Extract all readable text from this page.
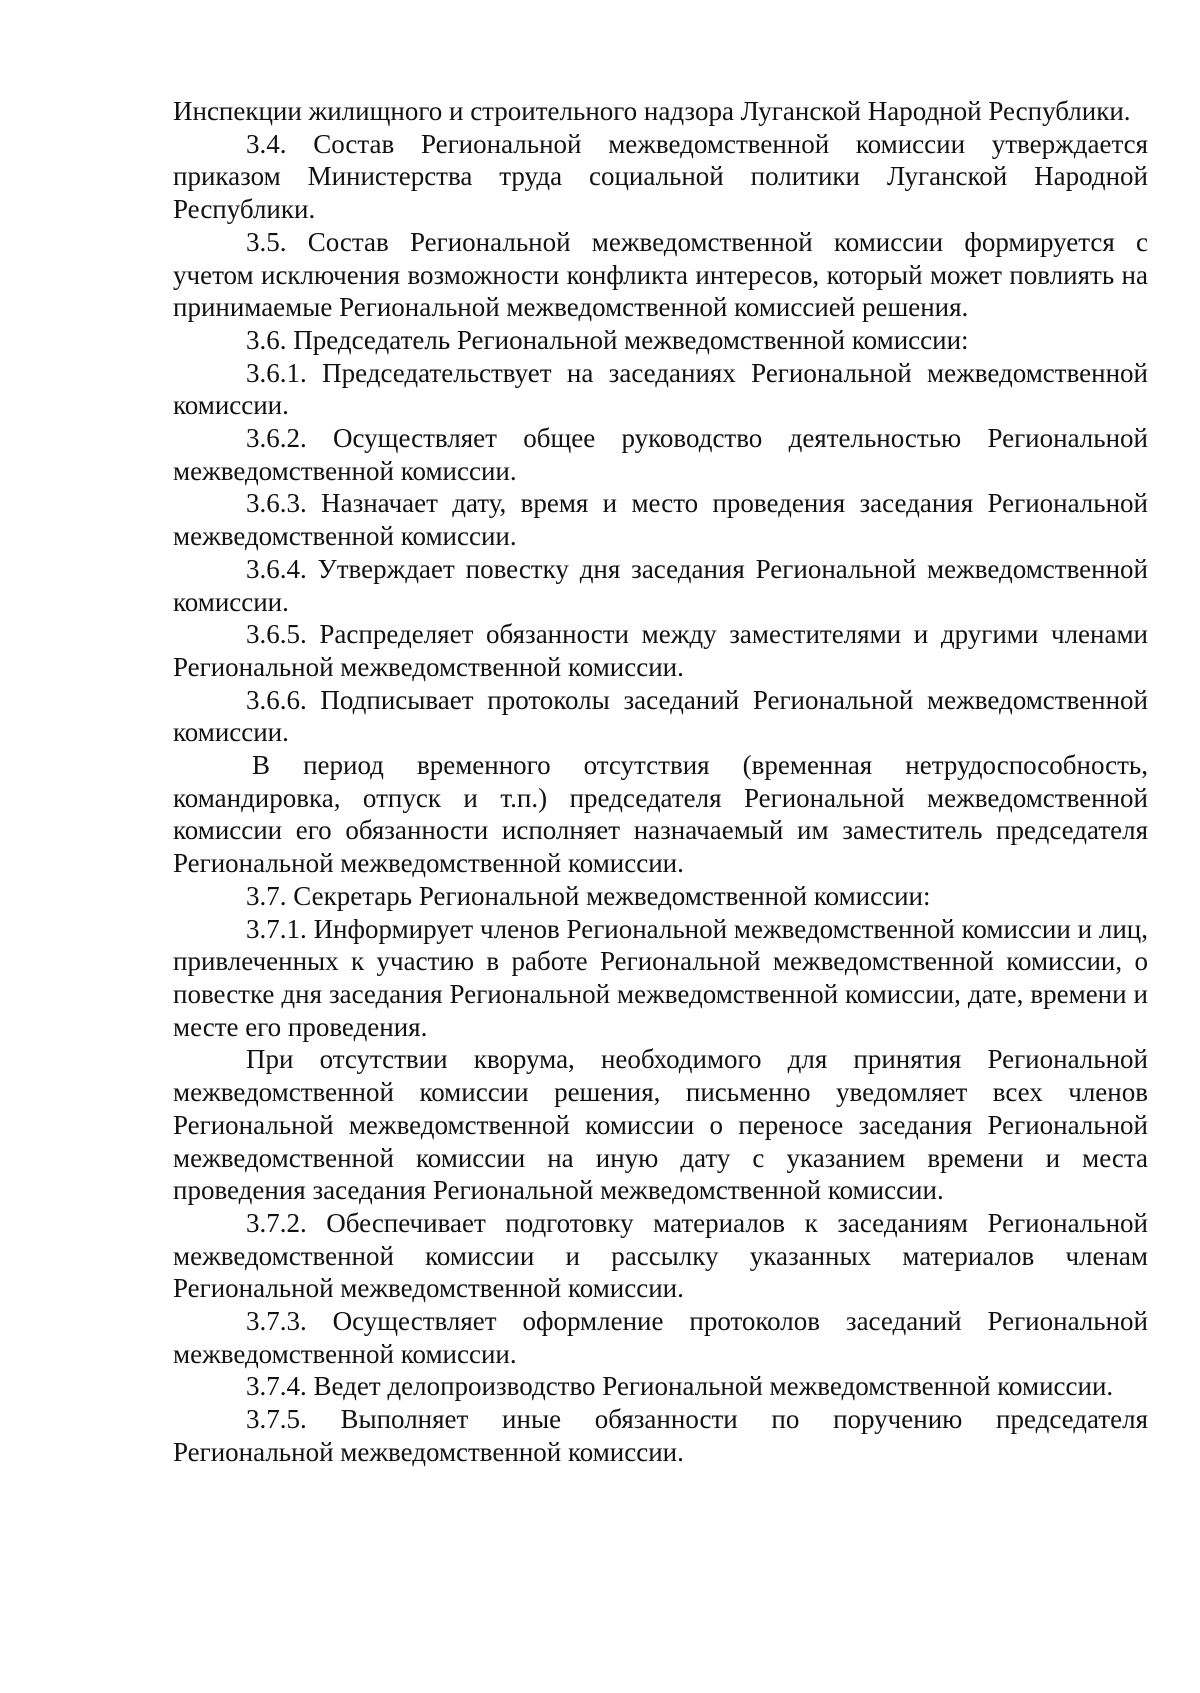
Инспекции жилищного и строительного надзора Луганской Народной Республики.

3.4. Состав Региональной межведомственной комиссии утверждается приказом Министерства труда социальной политики Луганской Народной Республики.

3.5. Состав Региональной межведомственной комиссии формируется с учетом исключения возможности конфликта интересов, который может повлиять на принимаемые Региональной межведомственной комиссией решения.

3.6. Председатель Региональной межведомственной комиссии:

3.6.1. Председательствует на заседаниях Региональной межведомственной комиссии.

3.6.2. Осуществляет общее руководство деятельностью Региональной межведомственной комиссии.

3.6.3. Назначает дату, время и место проведения заседания Региональной межведомственной комиссии.

3.6.4. Утверждает повестку дня заседания Региональной межведомственной комиссии.

3.6.5. Распределяет обязанности между заместителями и другими членами Региональной межведомственной комиссии.

3.6.6. Подписывает протоколы заседаний Региональной межведомственной комиссии.

В период временного отсутствия (временная нетрудоспособность, командировка, отпуск и т.п.) председателя Региональной межведомственной комиссии его обязанности исполняет назначаемый им заместитель председателя Региональной межведомственной комиссии.

3.7. Секретарь Региональной межведомственной комиссии:

3.7.1. Информирует членов Региональной межведомственной комиссии и лиц, привлеченных к участию в работе Региональной межведомственной комиссии, о повестке дня заседания Региональной межведомственной комиссии, дате, времени и месте его проведения.

При отсутствии кворума, необходимого для принятия Региональной межведомственной комиссии решения, письменно уведомляет всех членов Региональной межведомственной комиссии о переносе заседания Региональной межведомственной комиссии на иную дату с указанием времени и места проведения заседания Региональной межведомственной комиссии.

3.7.2. Обеспечивает подготовку материалов к заседаниям Региональной межведомственной комиссии и рассылку указанных материалов членам Региональной межведомственной комиссии.

3.7.3. Осуществляет оформление протоколов заседаний Региональной межведомственной комиссии.

3.7.4. Ведет делопроизводство Региональной межведомственной комиссии.

3.7.5. Выполняет иные обязанности по поручению председателя Региональной межведомственной комиссии.
